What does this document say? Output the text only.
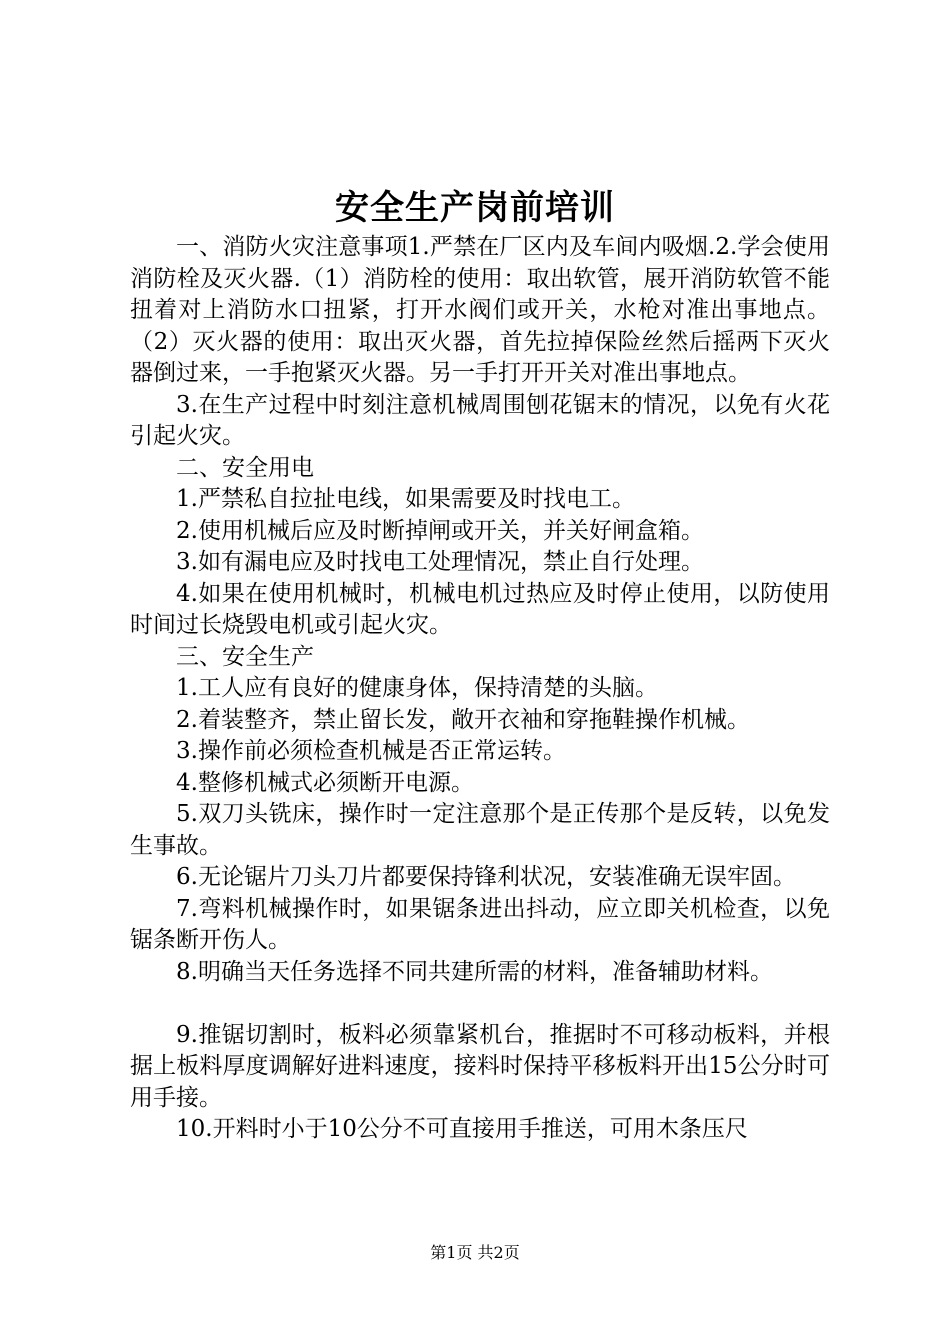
安全生产岗前培训

一、消防火灾注意事项1.严禁在厂区内及车间内吸烟.2.学会使用消防栓及灭火器.（1）消防栓的使用：取出软管，展开消防软管不能扭着对上消防水口扭紧，打开水阀们或开关，水枪对准出事地点。（2）灭火器的使用：取出灭火器，首先拉掉保险丝然后摇两下灭火器倒过来，一手抱紧灭火器。另一手打开开关对准出事地点。

3.在生产过程中时刻注意机械周围刨花锯末的情况，以免有火花引起火灾。

二、安全用电

1.严禁私自拉扯电线，如果需要及时找电工。

2.使用机械后应及时断掉闸或开关，并关好闸盒箱。

3.如有漏电应及时找电工处理情况，禁止自行处理。

4.如果在使用机械时，机械电机过热应及时停止使用，以防使用时间过长烧毁电机或引起火灾。

三、安全生产

1.工人应有良好的健康身体，保持清楚的头脑。

2.着装整齐，禁止留长发，敞开衣袖和穿拖鞋操作机械。

3.操作前必须检查机械是否正常运转。

4.整修机械式必须断开电源。

5.双刀头铣床，操作时一定注意那个是正传那个是反转，以免发生事故。

6.无论锯片刀头刀片都要保持锋利状况，安装准确无误牢固。

7.弯料机械操作时，如果锯条进出抖动，应立即关机检查，以免锯条断开伤人。

8.明确当天任务选择不同共建所需的材料，准备辅助材料。

9.推锯切割时，板料必须靠紧机台，推据时不可移动板料，并根据上板料厚度调解好进料速度，接料时保持平移板料开出15公分时可用手接。

10.开料时小于10公分不可直接用手推送，可用木条压尺

第1页 共2页
